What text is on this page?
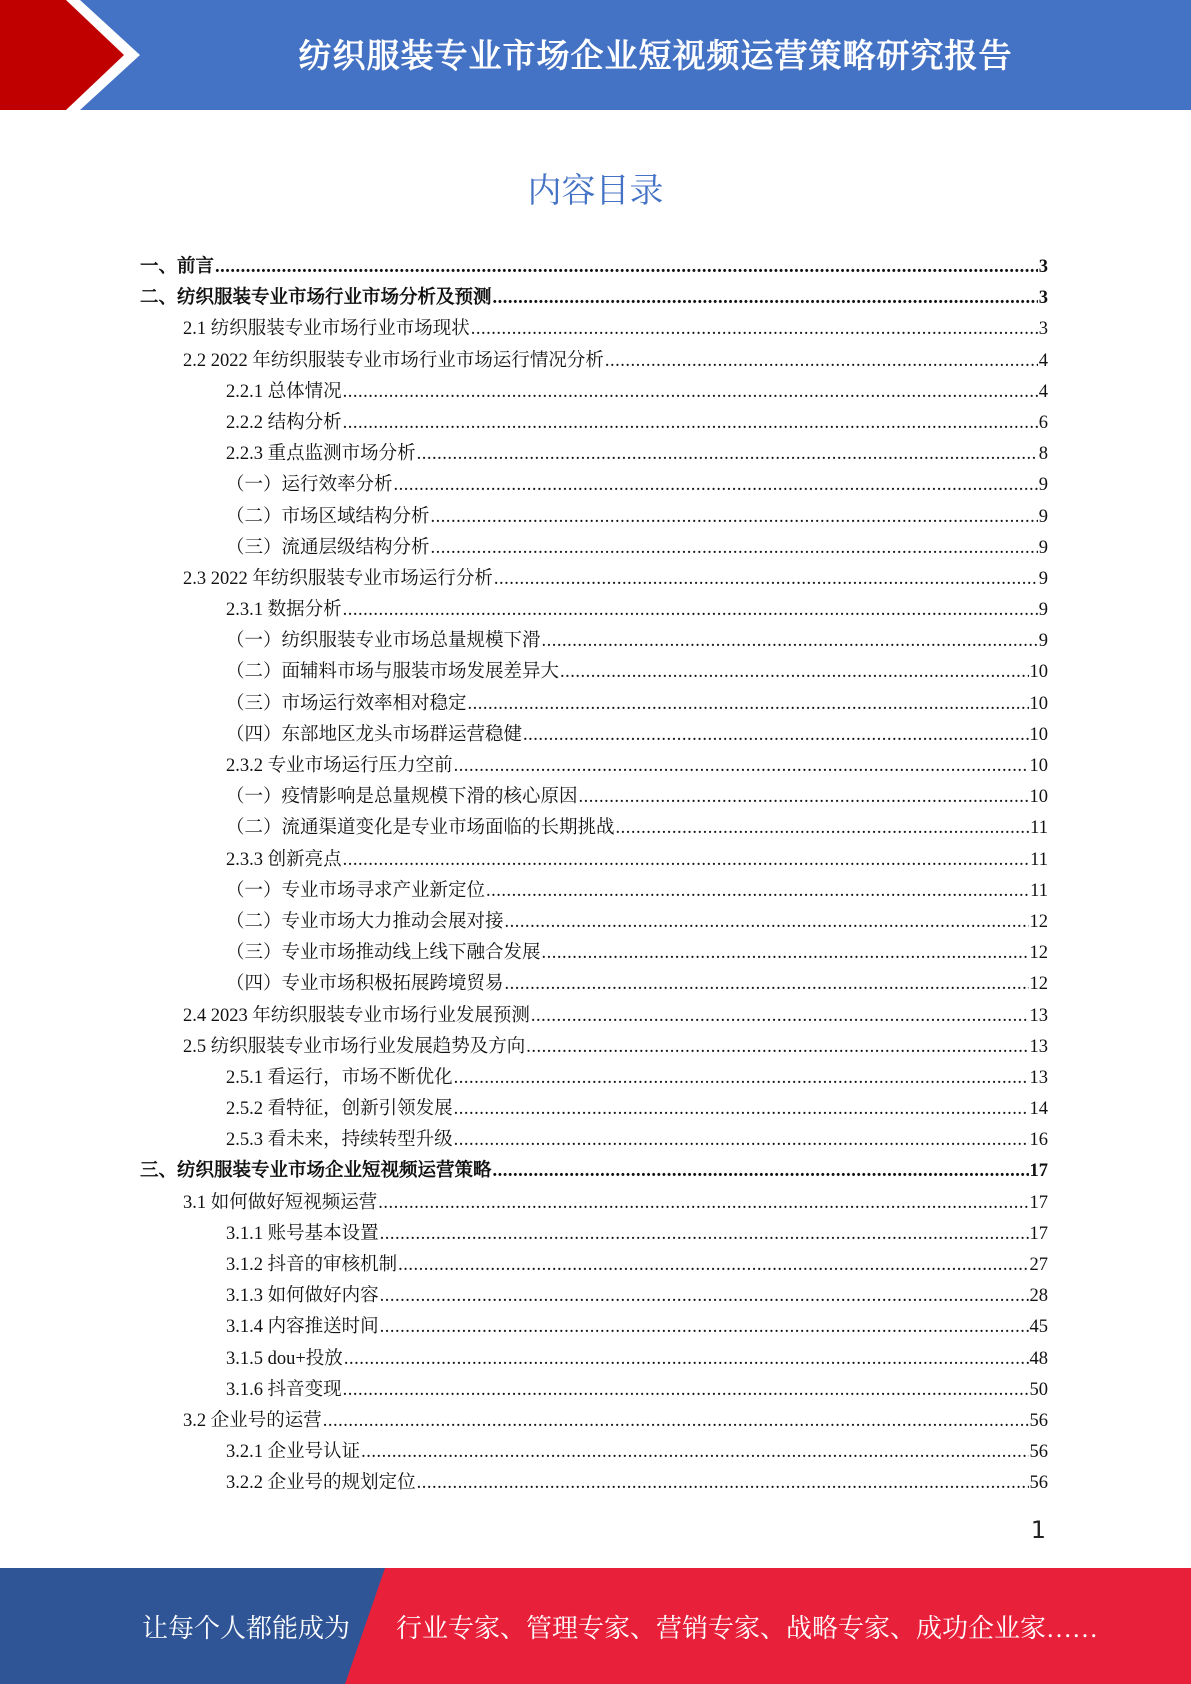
纺织服装专业市场企业短视频运营策略研究报告
内容目录
一、前言 .....	3
二、纺织服装专业市场行业市场分析及预测 .....	3
2.1 纺织服装专业市场行业市场现状 .....	3
2.2 2022 年纺织服装专业市场行业市场运行情况分析 .....	4
2.2.1 总体情况 .....	4
2.2.2 结构分析 .....	6
2.2.3 重点监测市场分析 .....	8
（一）运行效率分析 .....	9
（二）市场区域结构分析 .....	9
（三）流通层级结构分析 .....	9
2.3 2022 年纺织服装专业市场运行分析 .....	9
2.3.1 数据分析 .....	9
（一）纺织服装专业市场总量规模下滑 .....	9
（二）面辅料市场与服装市场发展差异大 .....	10
（三）市场运行效率相对稳定 .....	10
（四）东部地区龙头市场群运营稳健 .....	10
2.3.2 专业市场运行压力空前 .....	10
（一）疫情影响是总量规模下滑的核心原因 .....	10
（二）流通渠道变化是专业市场面临的长期挑战 .....	11
2.3.3 创新亮点 .....	11
（一）专业市场寻求产业新定位 .....	11
（二）专业市场大力推动会展对接 .....	12
（三）专业市场推动线上线下融合发展 .....	12
（四）专业市场积极拓展跨境贸易 .....	12
2.4 2023 年纺织服装专业市场行业发展预测 .....	13
2.5 纺织服装专业市场行业发展趋势及方向 .....	13
2.5.1 看运行，市场不断优化 .....	13
2.5.2 看特征，创新引领发展 .....	14
2.5.3 看未来，持续转型升级 .....	16
三、纺织服装专业市场企业短视频运营策略 .....	17
3.1 如何做好短视频运营 .....	17
3.1.1 账号基本设置 .....	17
3.1.2 抖音的审核机制 .....	27
3.1.3 如何做好内容 .....	28
3.1.4 内容推送时间 .....	45
3.1.5 dou+投放 .....	48
3.1.6 抖音变现 .....	50
3.2 企业号的运营 .....	56
3.2.1 企业号认证 .....	56
3.2.2 企业号的规划定位 .....	56
1
让每个人都能成为 行业专家、管理专家、营销专家、战略专家、成功企业家……
